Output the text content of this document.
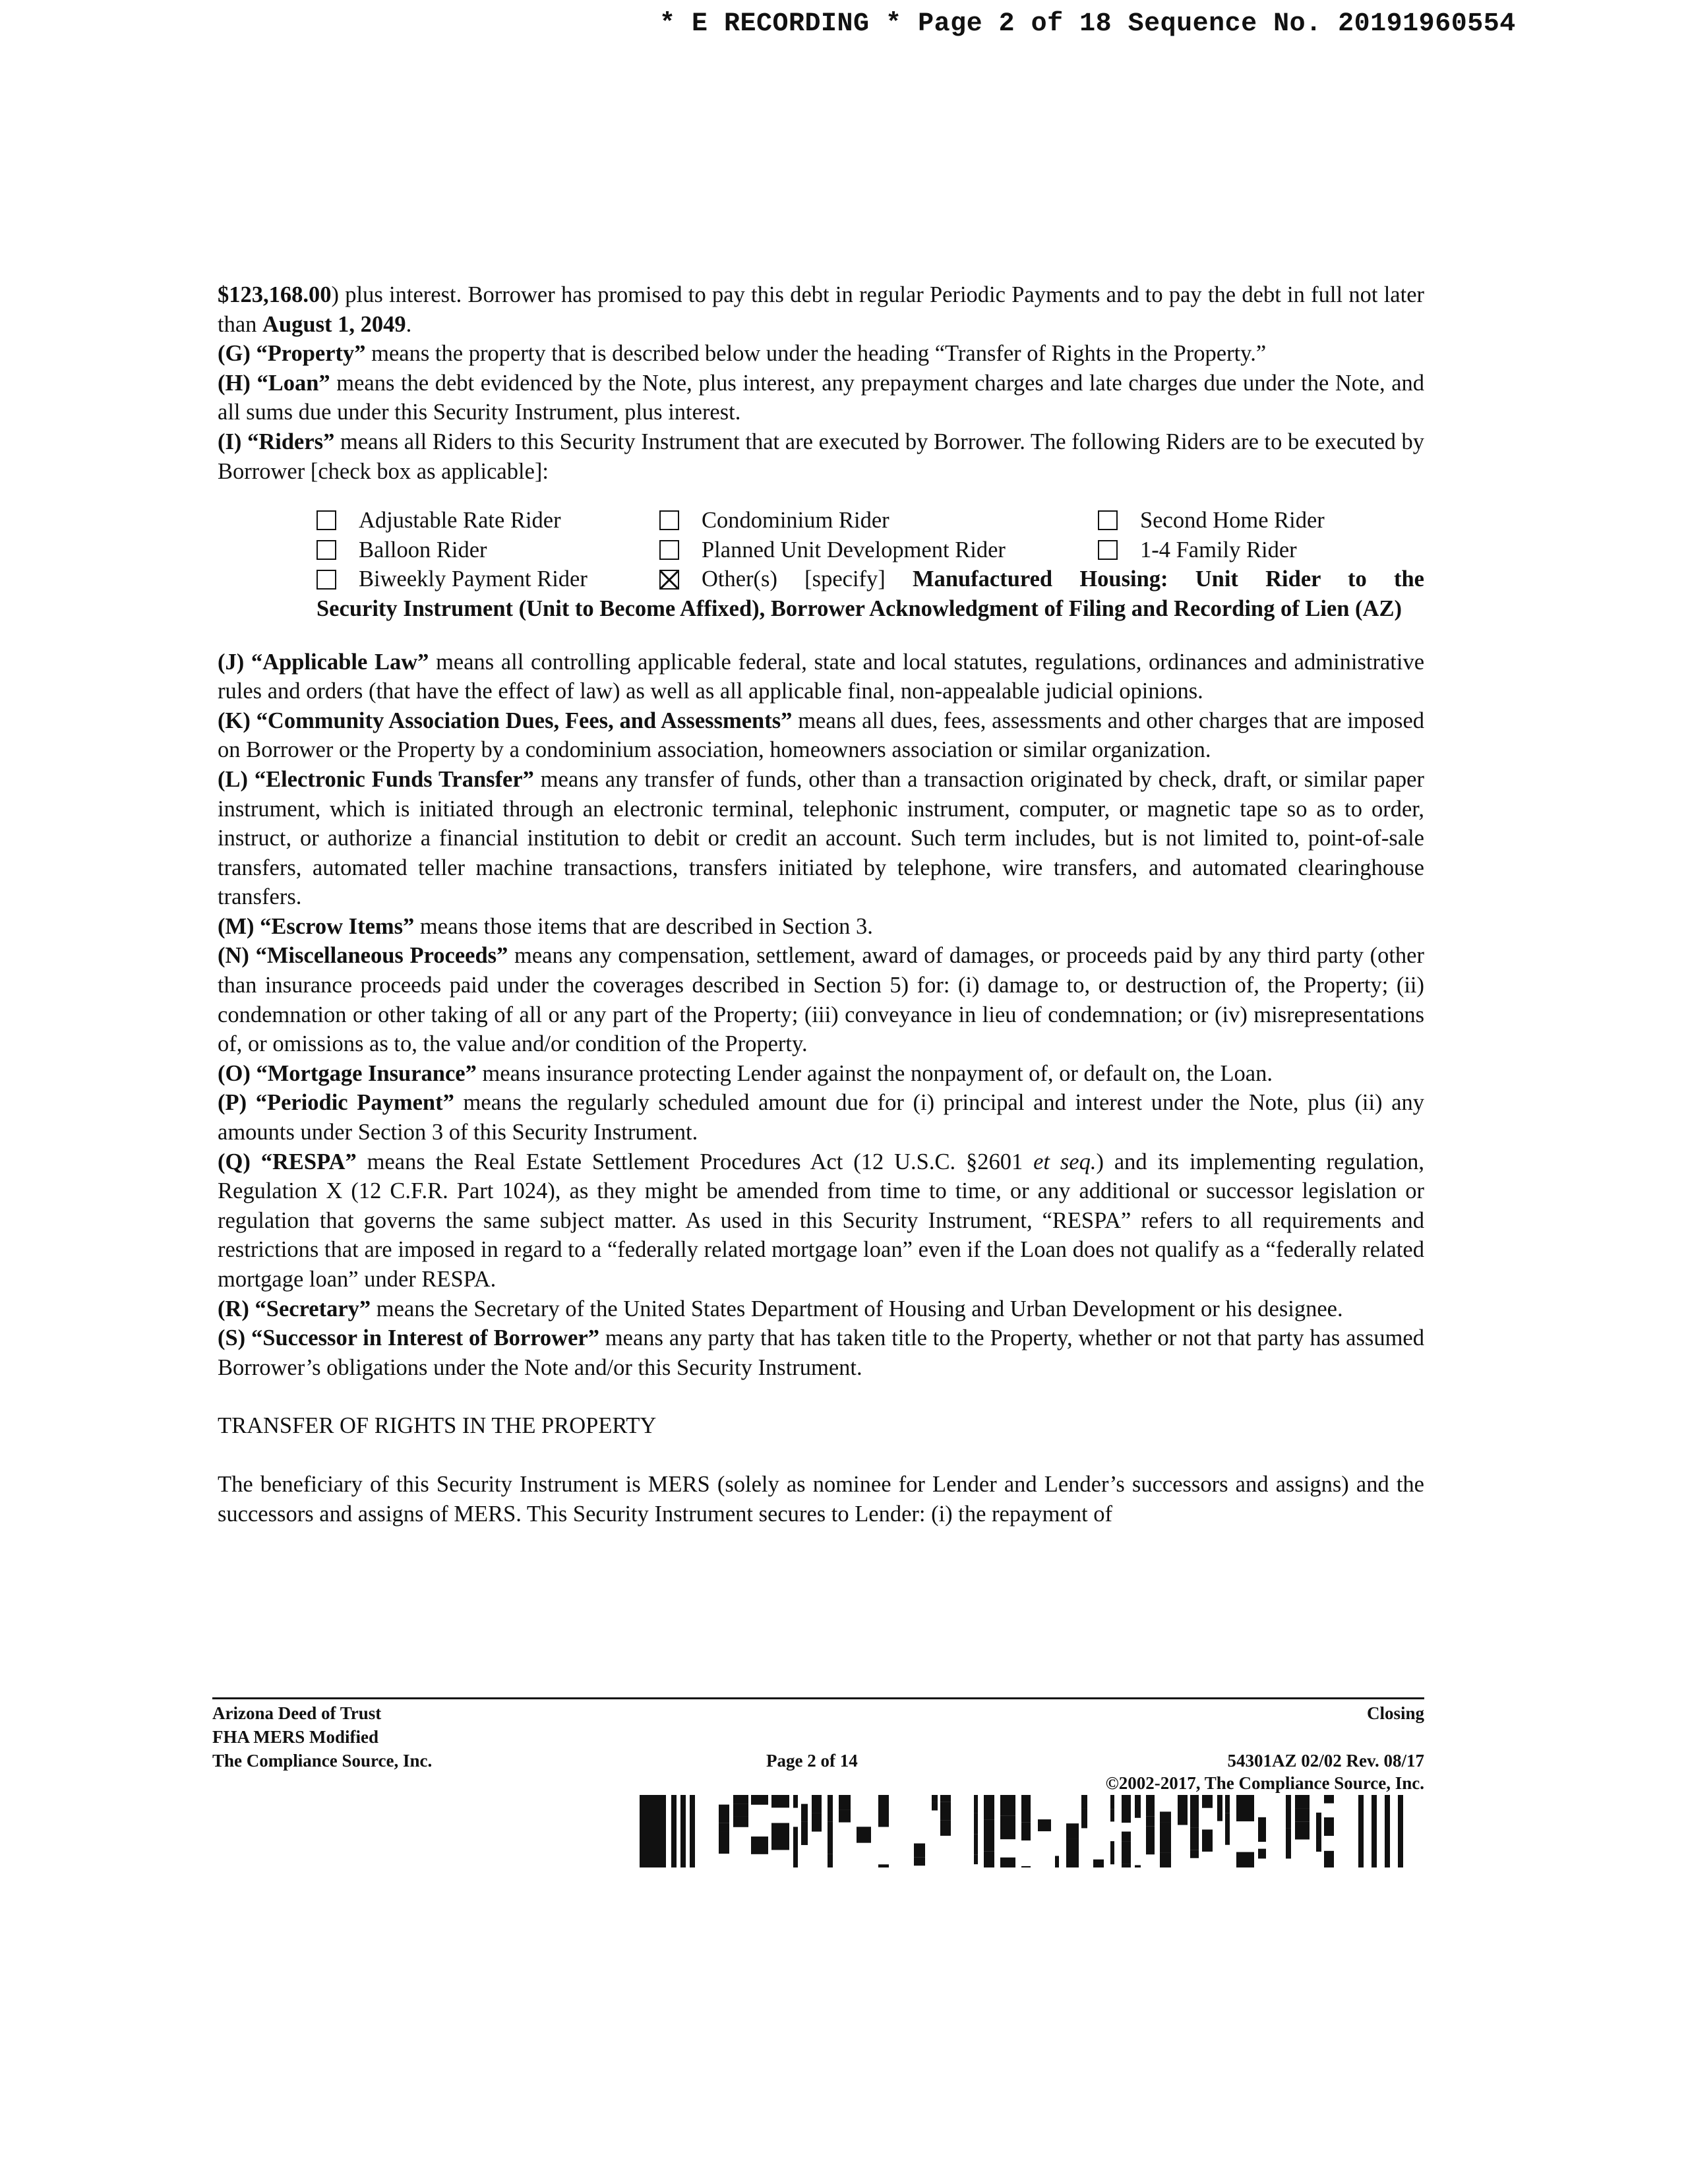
* E RECORDING * Page 2 of 18 Sequence No. 20191960554

$123,168.00) plus interest. Borrower has promised to pay this debt in regular Periodic Payments and to pay the debt in full not later than August 1, 2049.

(G) “Property” means the property that is described below under the heading “Transfer of Rights in the Property.”

(H) “Loan” means the debt evidenced by the Note, plus interest, any prepayment charges and late charges due under the Note, and all sums due under this Security Instrument, plus interest.

(I) “Riders” means all Riders to this Security Instrument that are executed by Borrower. The following Riders are to be executed by Borrower [check box as applicable]:

Adjustable Rate Rider	Condominium Rider	Second Home Rider
Balloon Rider	Planned Unit Development Rider	1-4 Family Rider
Biweekly Payment Rider	Other(s) [specify] Manufactured Housing: Unit Rider to the

Security Instrument (Unit to Become Affixed), Borrower Acknowledgment of Filing and Recording of Lien (AZ)

(J) “Applicable Law” means all controlling applicable federal, state and local statutes, regulations, ordinances and administrative rules and orders (that have the effect of law) as well as all applicable final, non-appealable judicial opinions.

(K) “Community Association Dues, Fees, and Assessments” means all dues, fees, assessments and other charges that are imposed on Borrower or the Property by a condominium association, homeowners association or similar organization.

(L) “Electronic Funds Transfer” means any transfer of funds, other than a transaction originated by check, draft, or similar paper instrument, which is initiated through an electronic terminal, telephonic instrument, computer, or magnetic tape so as to order, instruct, or authorize a financial institution to debit or credit an account. Such term includes, but is not limited to, point-of-sale transfers, automated teller machine transactions, transfers initiated by telephone, wire transfers, and automated clearinghouse transfers.

(M) “Escrow Items” means those items that are described in Section 3.

(N) “Miscellaneous Proceeds” means any compensation, settlement, award of damages, or proceeds paid by any third party (other than insurance proceeds paid under the coverages described in Section 5) for: (i) damage to, or destruction of, the Property; (ii) condemnation or other taking of all or any part of the Property; (iii) conveyance in lieu of condemnation; or (iv) misrepresentations of, or omissions as to, the value and/or condition of the Property.

(O) “Mortgage Insurance” means insurance protecting Lender against the nonpayment of, or default on, the Loan.

(P) “Periodic Payment” means the regularly scheduled amount due for (i) principal and interest under the Note, plus (ii) any amounts under Section 3 of this Security Instrument.

(Q) “RESPA” means the Real Estate Settlement Procedures Act (12 U.S.C. §2601 et seq.) and its implementing regulation, Regulation X (12 C.F.R. Part 1024), as they might be amended from time to time, or any additional or successor legislation or regulation that governs the same subject matter. As used in this Security Instrument, “RESPA” refers to all requirements and restrictions that are imposed in regard to a “federally related mortgage loan” even if the Loan does not qualify as a “federally related mortgage loan” under RESPA.

(R) “Secretary” means the Secretary of the United States Department of Housing and Urban Development or his designee.

(S) “Successor in Interest of Borrower” means any party that has taken title to the Property, whether or not that party has assumed Borrower’s obligations under the Note and/or this Security Instrument.

TRANSFER OF RIGHTS IN THE PROPERTY

The beneficiary of this Security Instrument is MERS (solely as nominee for Lender and Lender’s successors and assigns) and the successors and assigns of MERS. This Security Instrument secures to Lender: (i) the repayment of

Arizona Deed of Trust
FHA MERS Modified
The Compliance Source, Inc.	Page 2 of 14
Closing
54301AZ 02/02 Rev. 08/17
©2002-2017, The Compliance Source, Inc.
